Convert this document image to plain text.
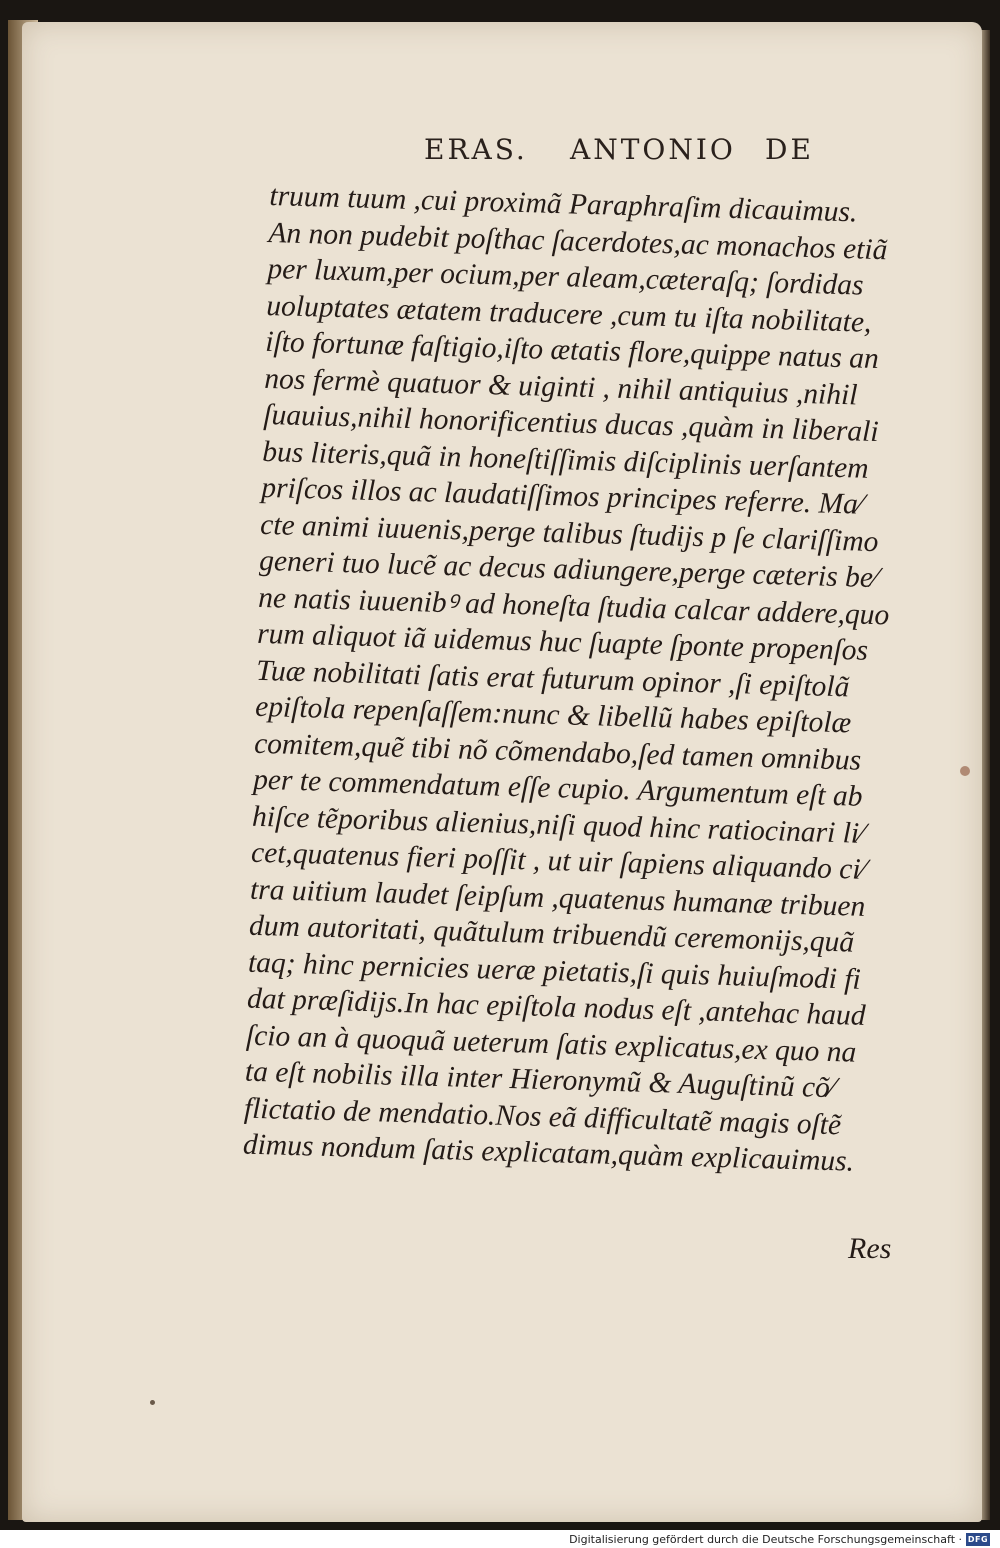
ERAS. ANTONIO DE
truum tuum ,cui proximã Paraphraſim dicauimus.
An non pudebit poſthac ſacerdotes,ac monachos etiã
per luxum,per ocium,per aleam,cæteraſq; ſordidas
uoluptates ætatem traducere ,cum tu iſta nobilitate,
iſto fortunæ faſtigio,iſto ætatis flore,quippe natus an
nos fermè quatuor & uiginti , nihil antiquius ,nihil
ſuauius,nihil honorificentius ducas ,quàm in liberali
bus literis,quã in honeſtiſſimis diſciplinis uerſantem
priſcos illos ac laudatiſſimos principes referre. Ma⁄
cte animi iuuenis,perge talibus ſtudijs p ſe clariſſimo
generi tuo lucẽ ac decus adiungere,perge cæteris be⁄
ne natis iuuenibꝰ ad honeſta ſtudia calcar addere,quo
rum aliquot iã uidemus huc ſuapte ſponte propenſos
Tuæ nobilitati ſatis erat futurum opinor ,ſi epiſtolã
epiſtola repenſaſſem:nunc & libellũ habes epiſtolæ
comitem,quẽ tibi nõ cõmendabo,ſed tamen omnibus
per te commendatum eſſe cupio. Argumentum eſt ab
hiſce tẽporibus alienius,niſi quod hinc ratiocinari li⁄
cet,quatenus fieri poſſit , ut uir ſapiens aliquando ci⁄
tra uitium laudet ſeipſum ,quatenus humanæ tribuen
dum autoritati, quãtulum tribuendũ ceremonijs,quã
taq; hinc pernicies ueræ pietatis,ſi quis huiuſmodi fi
dat præſidijs.In hac epiſtola nodus eſt ,antehac haud
ſcio an à quoquã ueterum ſatis explicatus,ex quo na
ta eſt nobilis illa inter Hieronymũ & Auguſtinũ cõ⁄
flictatio de mendatio.Nos eã difficultatẽ magis oſtẽ
dimus nondum ſatis explicatam,quàm explicauimus.
Res
Digitalisierung gefördert durch die Deutsche Forschungsgemeinschaft · DFG
